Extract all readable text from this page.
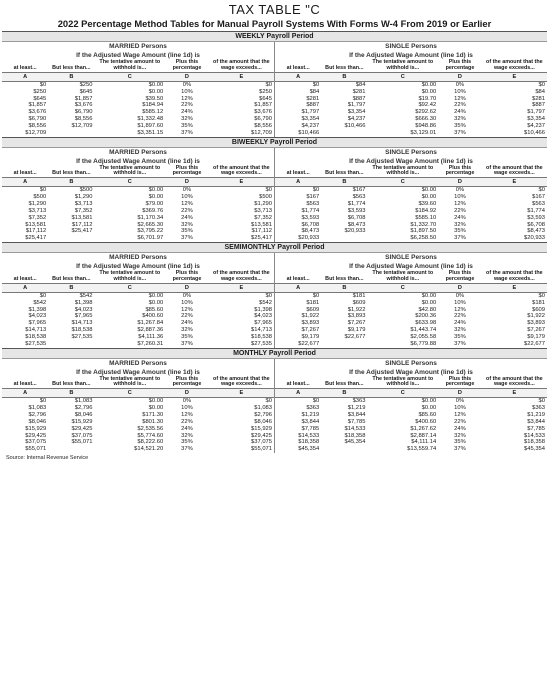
TAX TABLE "C
2022 Percentage Method Tables for Manual Payroll Systems With Forms W-4 From 2019 or Earlier
WEEKLY Payroll Period
MARRIED Persons
If the Adjusted Wage Amount (line 1d) is
at least...	But less than...	The tentative amount to withhold is...	Plus this percentage	of the amount that the wage exceeds...
A	B	C	D	E
$0	$250	$0.00	0%	$0
$250	$645	$0.00	10%	$250
$645	$1,857	$39.50	12%	$645
$1,857	$3,676	$184.94	22%	$1,857
$3,676	$6,790	$585.12	24%	$3,676
$6,790	$8,556	$1,332.48	32%	$6,790
$8,556	$12,709	$1,897.60	35%	$8,556
$12,709		$3,351.15	37%	$12,709
SINGLE Persons
If the Adjusted Wage Amount (line 1d) is
at least...	But less than...	The tentative amount to withhold is...	Plus this percentage	of the amount that the wage exceeds...
A	B	C	D	E
$0	$84	$0.00	0%	$0
$84	$281	$0.00	10%	$84
$281	$887	$19.70	12%	$281
$887	$1,797	$92.42	22%	$887
$1,797	$3,354	$292.62	24%	$1,797
$3,354	$4,237	$666.30	32%	$3,354
$4,237	$10,466	$948.86	35%	$4,237
$10,466		$3,129.01	37%	$10,466
BIWEEKLY Payroll Period
MARRIED Persons
If the Adjusted Wage Amount (line 1d) is
at least...	But less than...	The tentative amount to withhold is...	Plus this percentage	of the amount that the wage exceeds...
A	B	C	D	E
$0	$500	$0.00	0%	$0
$500	$1,290	$0.00	10%	$500
$1,290	$3,713	$79.00	12%	$1,290
$3,713	$7,352	$369.76	22%	$3,713
$7,352	$13,581	$1,170.34	24%	$7,352
$13,581	$17,112	$2,665.30	32%	$13,581
$17,112	$25,417	$3,795.22	35%	$17,112
$25,417		$6,701.97	37%	$25,417
SINGLE Persons
If the Adjusted Wage Amount (line 1d) is
at least...	But less than...	The tentative amount to withhold is...	Plus this percentage	of the amount that the wage exceeds...
A	B	C	D	E
$0	$167	$0.00	0%	$0
$167	$563	$0.00	10%	$167
$563	$1,774	$39.60	12%	$563
$1,774	$3,593	$184.92	22%	$1,774
$3,593	$6,708	$585.10	24%	$3,593
$6,708	$8,473	$1,332.70	32%	$6,708
$8,473	$20,933	$1,897.50	35%	$8,473
$20,933		$6,258.50	37%	$20,933
SEMIMONTHLY Payroll Period
MARRIED Persons
If the Adjusted Wage Amount (line 1d) is
at least...	But less than...	The tentative amount to withhold is...	Plus this percentage	of the amount that the wage exceeds...
A	B	C	D	E
$0	$542	$0.00	0%	$0
$542	$1,398	$0.00	10%	$542
$1,398	$4,023	$85.60	12%	$1,398
$4,023	$7,965	$400.60	22%	$4,023
$7,965	$14,713	$1,267.84	24%	$7,965
$14,713	$18,538	$2,887.36	32%	$14,713
$18,538	$27,535	$4,111.36	35%	$18,538
$27,535		$7,260.31	37%	$27,535
SINGLE Persons
If the Adjusted Wage Amount (line 1d) is
at least...	But less than...	The tentative amount to withhold is...	Plus this percentage	of the amount that the wage exceeds...
A	B	C	D	E
$0	$181	$0.00	0%	$0
$181	$609	$0.00	10%	$181
$609	$1,922	$42.80	12%	$609
$1,922	$3,893	$200.36	22%	$1,922
$3,893	$7,267	$633.98	24%	$3,893
$7,267	$9,179	$1,443.74	32%	$7,267
$9,179	$22,677	$2,055.58	35%	$9,179
$22,677		$6,779.88	37%	$22,677
MONTHLY Payroll Period
MARRIED Persons
If the Adjusted Wage Amount (line 1d) is
at least...	But less than...	The tentative amount to withhold is...	Plus this percentage	of the amount that the wage exceeds...
A	B	C	D	E
$0	$1,083	$0.00	0%	$0
$1,083	$2,796	$0.00	10%	$1,083
$2,796	$8,046	$171.30	12%	$2,796
$8,046	$15,929	$801.30	22%	$8,046
$15,929	$29,425	$2,535.56	24%	$15,929
$29,425	$37,075	$5,774.60	32%	$29,425
$37,075	$55,071	$8,222.60	35%	$37,075
$55,071		$14,521.20	37%	$55,071
SINGLE Persons
If the Adjusted Wage Amount (line 1d) is
at least...	But less than...	The tentative amount to withhold is...	Plus this percentage	of the amount that the wage exceeds...
A	B	C	D	E
$0	$363	$0.00	0%	$0
$363	$1,219	$0.00	10%	$363
$1,219	$3,844	$85.60	12%	$1,219
$3,844	$7,785	$400.60	22%	$3,844
$7,785	$14,533	$1,267.62	24%	$7,785
$14,533	$18,358	$2,887.14	32%	$14,533
$18,358	$45,354	$4,111.14	35%	$18,358
$45,354		$13,559.74	37%	$45,354
Source: Internal Revenue Service
